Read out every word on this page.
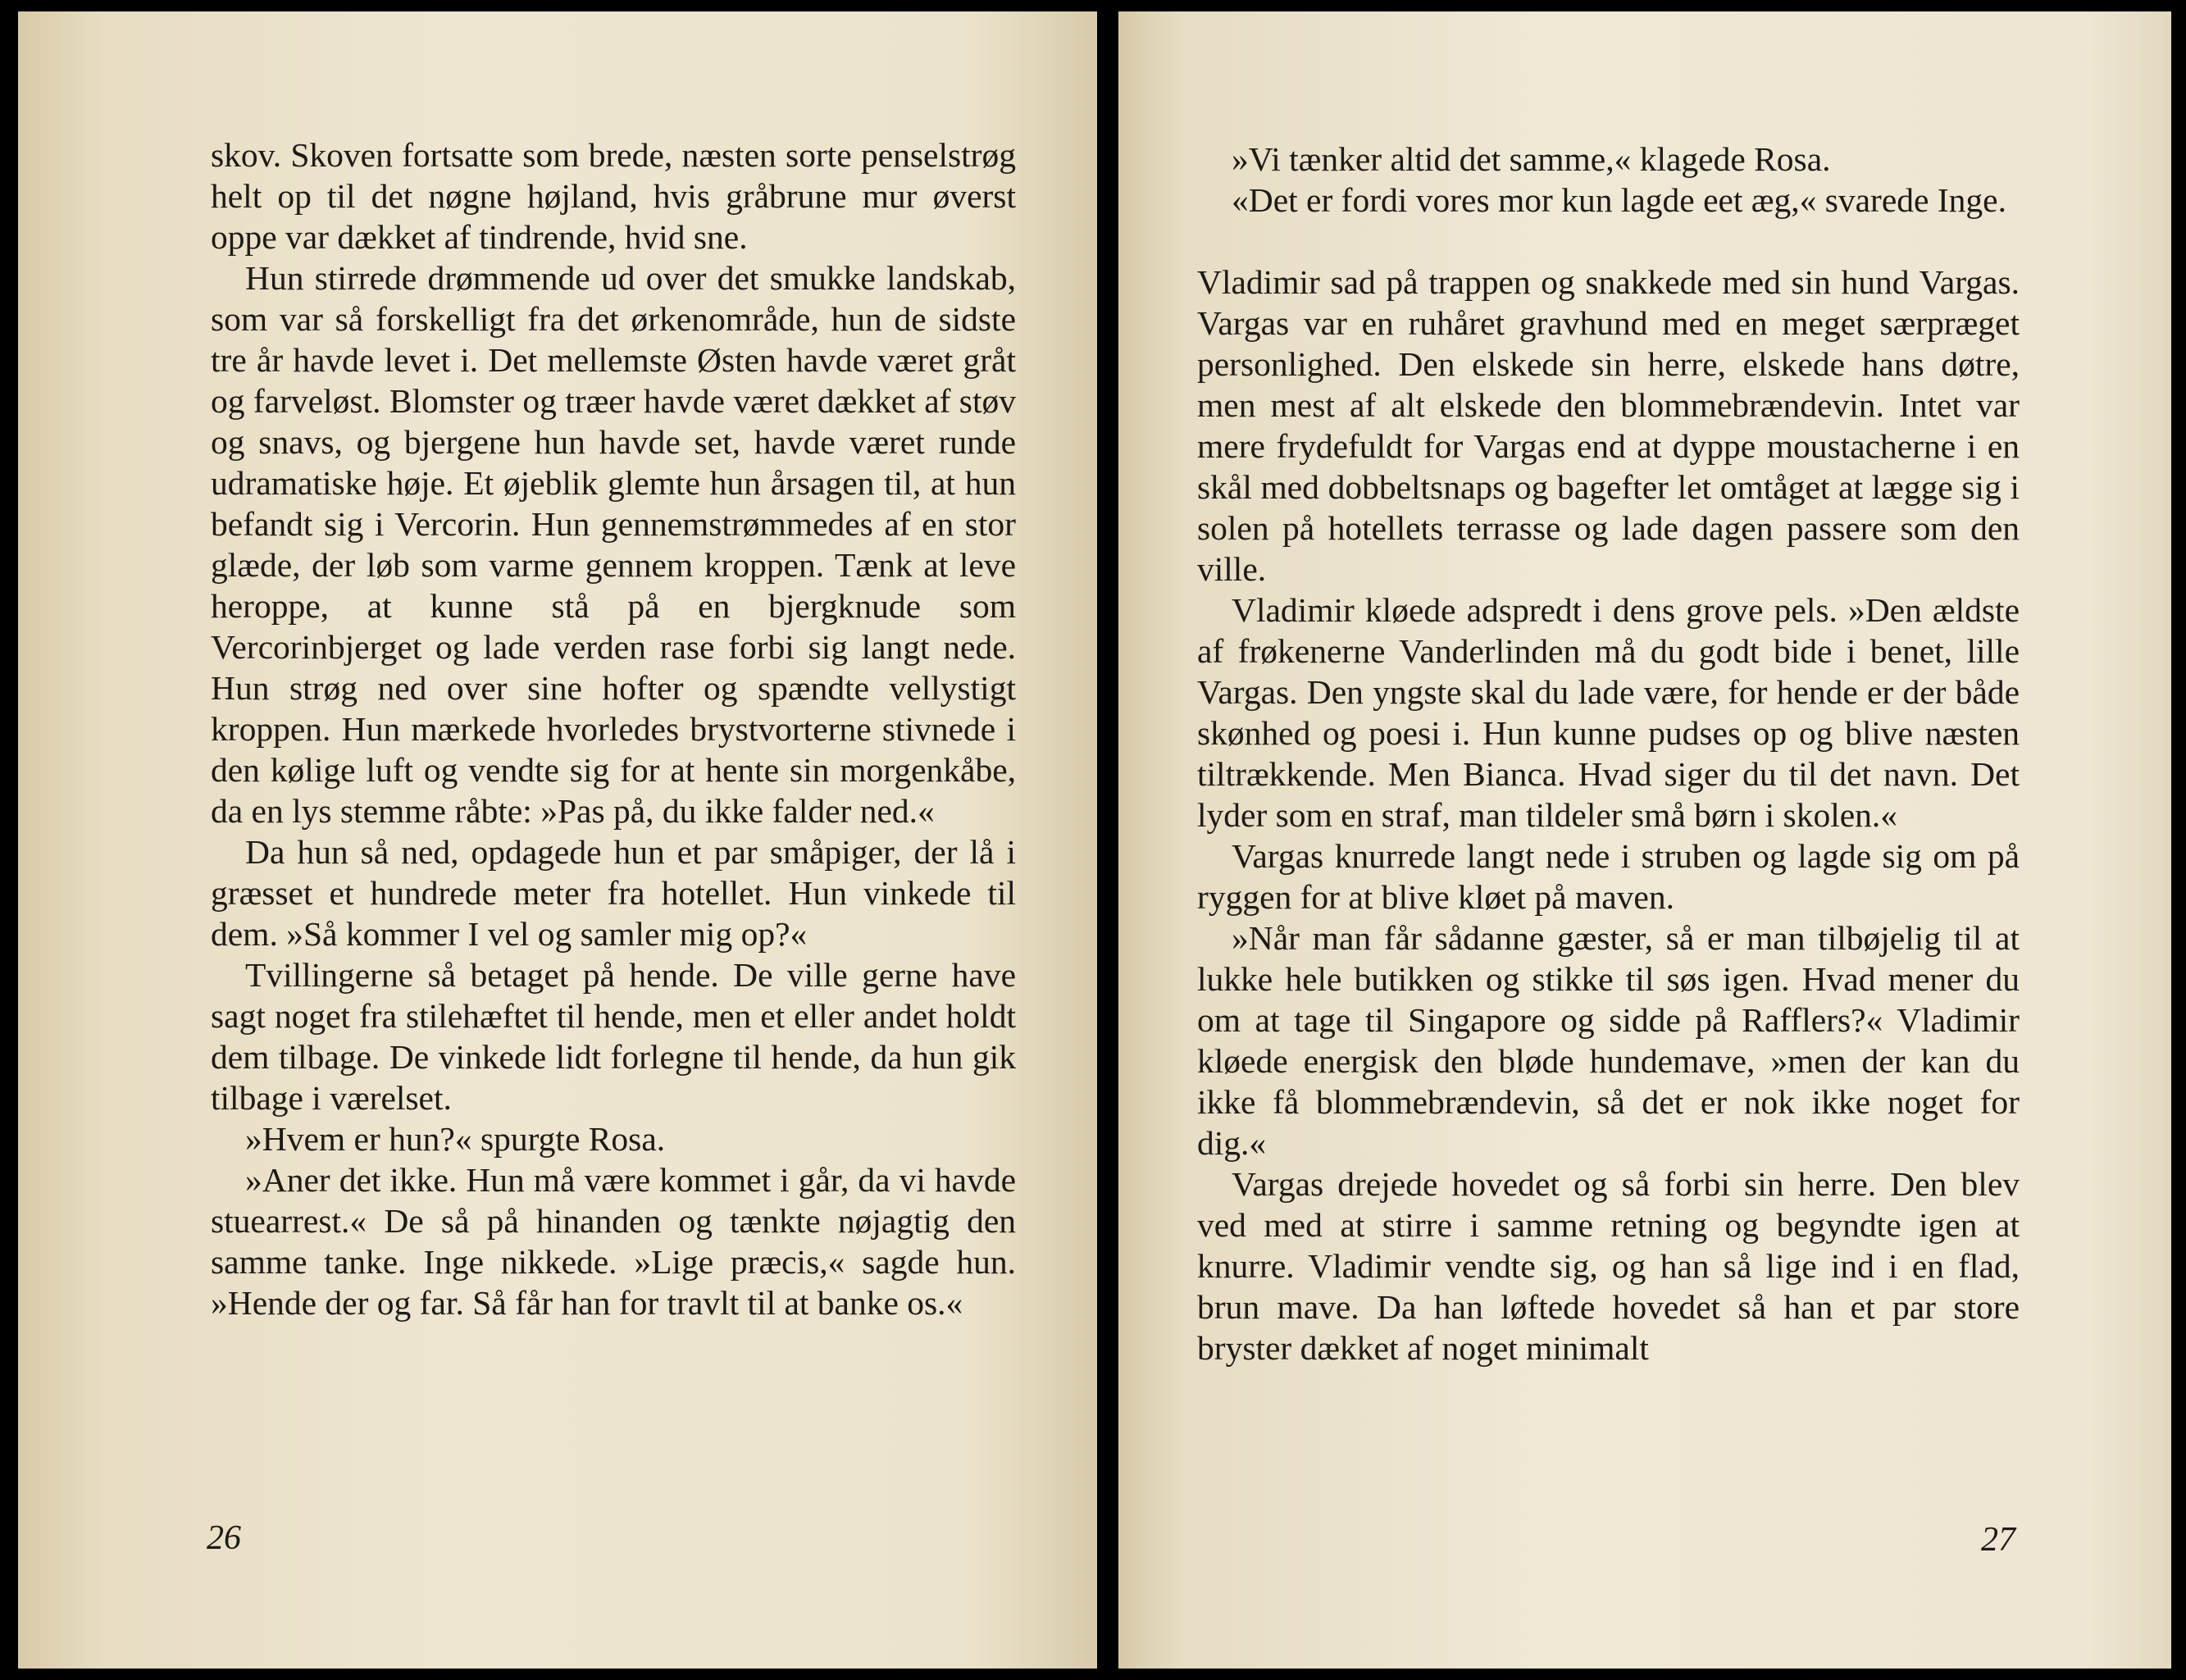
skov. Skoven fortsatte som brede, næsten sorte penselstrøg helt op til det nøgne højland, hvis gråbrune mur øverst oppe var dækket af tindrende, hvid sne.

Hun stirrede drømmende ud over det smukke landskab, som var så forskelligt fra det ørkenområde, hun de sidste tre år havde levet i. Det mellemste Østen havde været gråt og farveløst. Blomster og træer havde været dækket af støv og snavs, og bjergene hun havde set, havde været runde udramatiske høje. Et øjeblik glemte hun årsagen til, at hun befandt sig i Vercorin. Hun gennemstrømmedes af en stor glæde, der løb som varme gennem kroppen. Tænk at leve heroppe, at kunne stå på en bjergknude som Vercorinbjerget og lade verden rase forbi sig langt nede. Hun strøg ned over sine hofter og spændte vellystigt kroppen. Hun mærkede hvorledes brystvorterne stivnede i den kølige luft og vendte sig for at hente sin morgenkåbe, da en lys stemme råbte: »Pas på, du ikke falder ned.«

Da hun så ned, opdagede hun et par småpiger, der lå i græsset et hundrede meter fra hotellet. Hun vinkede til dem. »Så kommer I vel og samler mig op?«

Tvillingerne så betaget på hende. De ville gerne have sagt noget fra stilehæftet til hende, men et eller andet holdt dem tilbage. De vinkede lidt forlegne til hende, da hun gik tilbage i værelset.

»Hvem er hun?« spurgte Rosa.

»Aner det ikke. Hun må være kommet i går, da vi havde stuearrest.« De så på hinanden og tænkte nøjagtig den samme tanke. Inge nikkede. »Lige præcis,« sagde hun. »Hende der og far. Så får han for travlt til at banke os.«

26

»Vi tænker altid det samme,« klagede Rosa.

«Det er fordi vores mor kun lagde eet æg,« svarede Inge.

Vladimir sad på trappen og snakkede med sin hund Vargas. Vargas var en ruhåret gravhund med en meget særpræget personlighed. Den elskede sin herre, elskede hans døtre, men mest af alt elskede den blommebrændevin. Intet var mere frydefuldt for Vargas end at dyppe moustacherne i en skål med dobbeltsnaps og bagefter let omtåget at lægge sig i solen på hotellets terrasse og lade dagen passere som den ville.

Vladimir kløede adspredt i dens grove pels. »Den ældste af frøkenerne Vanderlinden må du godt bide i benet, lille Vargas. Den yngste skal du lade være, for hende er der både skønhed og poesi i. Hun kunne pudses op og blive næsten tiltrækkende. Men Bianca. Hvad siger du til det navn. Det lyder som en straf, man tildeler små børn i skolen.«

Vargas knurrede langt nede i struben og lagde sig om på ryggen for at blive kløet på maven.

»Når man får sådanne gæster, så er man tilbøjelig til at lukke hele butikken og stikke til søs igen. Hvad mener du om at tage til Singapore og sidde på Rafflers?« Vladimir kløede energisk den bløde hundemave, »men der kan du ikke få blommebrændevin, så det er nok ikke noget for dig.«

Vargas drejede hovedet og så forbi sin herre. Den blev ved med at stirre i samme retning og begyndte igen at knurre. Vladimir vendte sig, og han så lige ind i en flad, brun mave. Da han løftede hovedet så han et par store bryster dækket af noget minimalt

27
